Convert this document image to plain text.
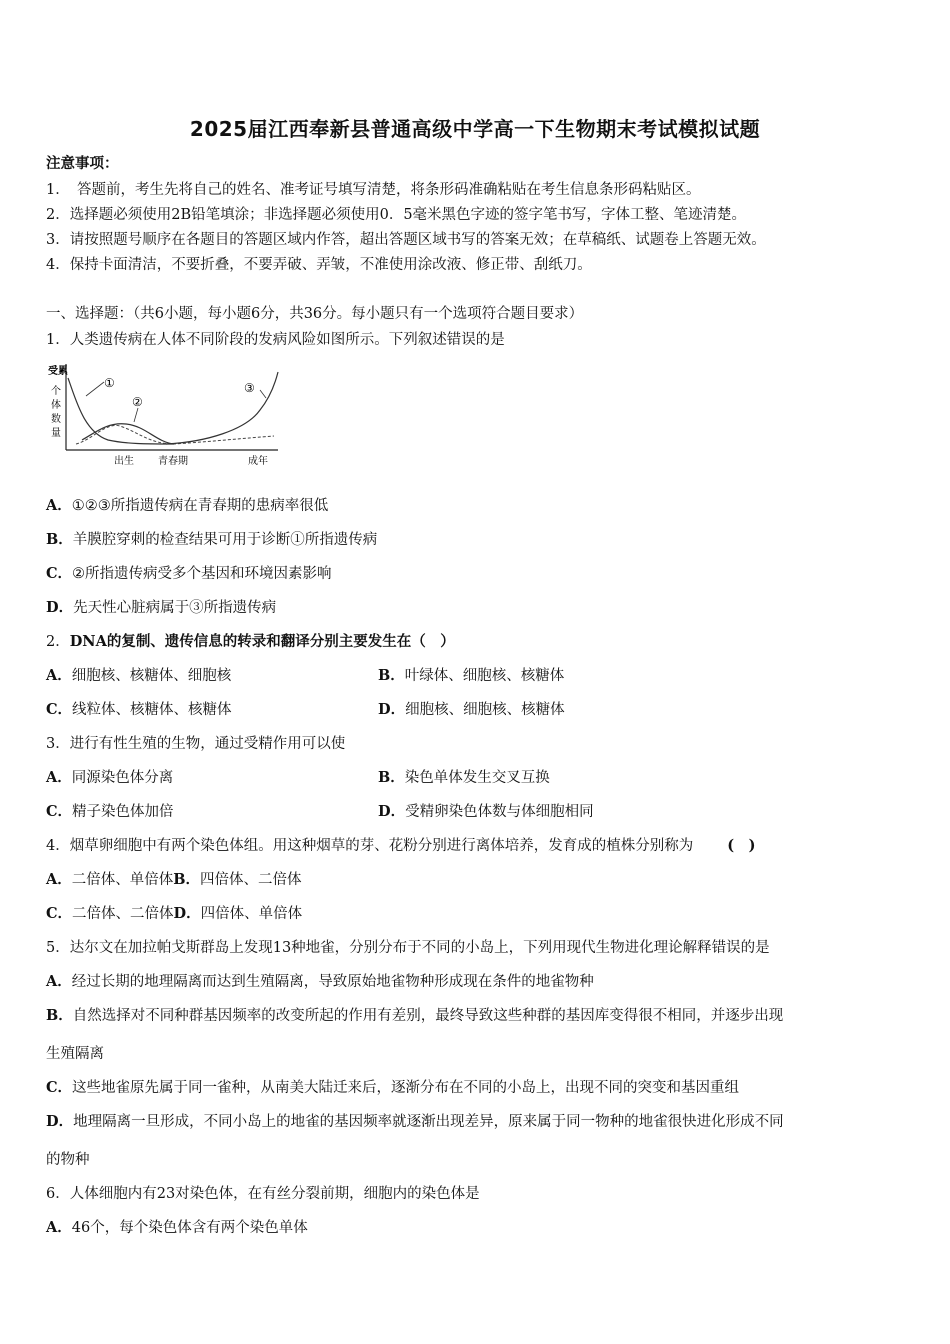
2025届江西奉新县普通高级中学高一下生物期末考试模拟试题
注意事项：
1．　答题前，考生先将自己的姓名、准考证号填写清楚，将条形码准确粘贴在考生信息条形码粘贴区。
2．选择题必须使用2B铅笔填涂；非选择题必须使用0．5毫米黑色字迹的签字笔书写，字体工整、笔迹清楚。
3．请按照题号顺序在各题目的答题区域内作答，超出答题区域书写的答案无效；在草稿纸、试题卷上答题无效。
4．保持卡面清洁，不要折叠，不要弄破、弄皱，不准使用涂改液、修正带、刮纸刀。
一、选择题：（共6小题，每小题6分，共36分。每小题只有一个选项符合题目要求）
1．人类遗传病在人体不同阶段的发病风险如图所示。下列叙述错误的是
受累
个
体
数
量
①
②
③
出生 青春期	成年
A．①②③所指遗传病在青春期的患病率很低
B．羊膜腔穿刺的检查结果可用于诊断①所指遗传病
C．②所指遗传病受多个基因和环境因素影响
D．先天性心脏病属于③所指遗传病
2．DNA的复制、遗传信息的转录和翻译分别主要发生在（　）
A．细胞核、核糖体、细胞核	B．叶绿体、细胞核、核糖体
C．线粒体、核糖体、核糖体	D．细胞核、细胞核、核糖体
3．进行有性生殖的生物，通过受精作用可以使
A．同源染色体分离	B．染色单体发生交叉互换
C．精子染色体加倍	D．受精卵染色体数与体细胞相同
4．烟草卵细胞中有两个染色体组。用这种烟草的芽、花粉分别进行离体培养，发育成的植株分别称为 (　)
A．二倍体、单倍体B．四倍体、二倍体
C．二倍体、二倍体D．四倍体、单倍体
5．达尔文在加拉帕戈斯群岛上发现13种地雀，分别分布于不同的小岛上，下列用现代生物进化理论解释错误的是
A．经过长期的地理隔离而达到生殖隔离，导致原始地雀物种形成现在条件的地雀物种
B．自然选择对不同种群基因频率的改变所起的作用有差别，最终导致这些种群的基因库变得很不相同，并逐步出现
生殖隔离
C．这些地雀原先属于同一雀种，从南美大陆迁来后，逐渐分布在不同的小岛上，出现不同的突变和基因重组
D．地理隔离一旦形成，不同小岛上的地雀的基因频率就逐渐出现差异，原来属于同一物种的地雀很快进化形成不同
的物种
6．人体细胞内有23对染色体，在有丝分裂前期，细胞内的染色体是
A．46个，每个染色体含有两个染色单体
